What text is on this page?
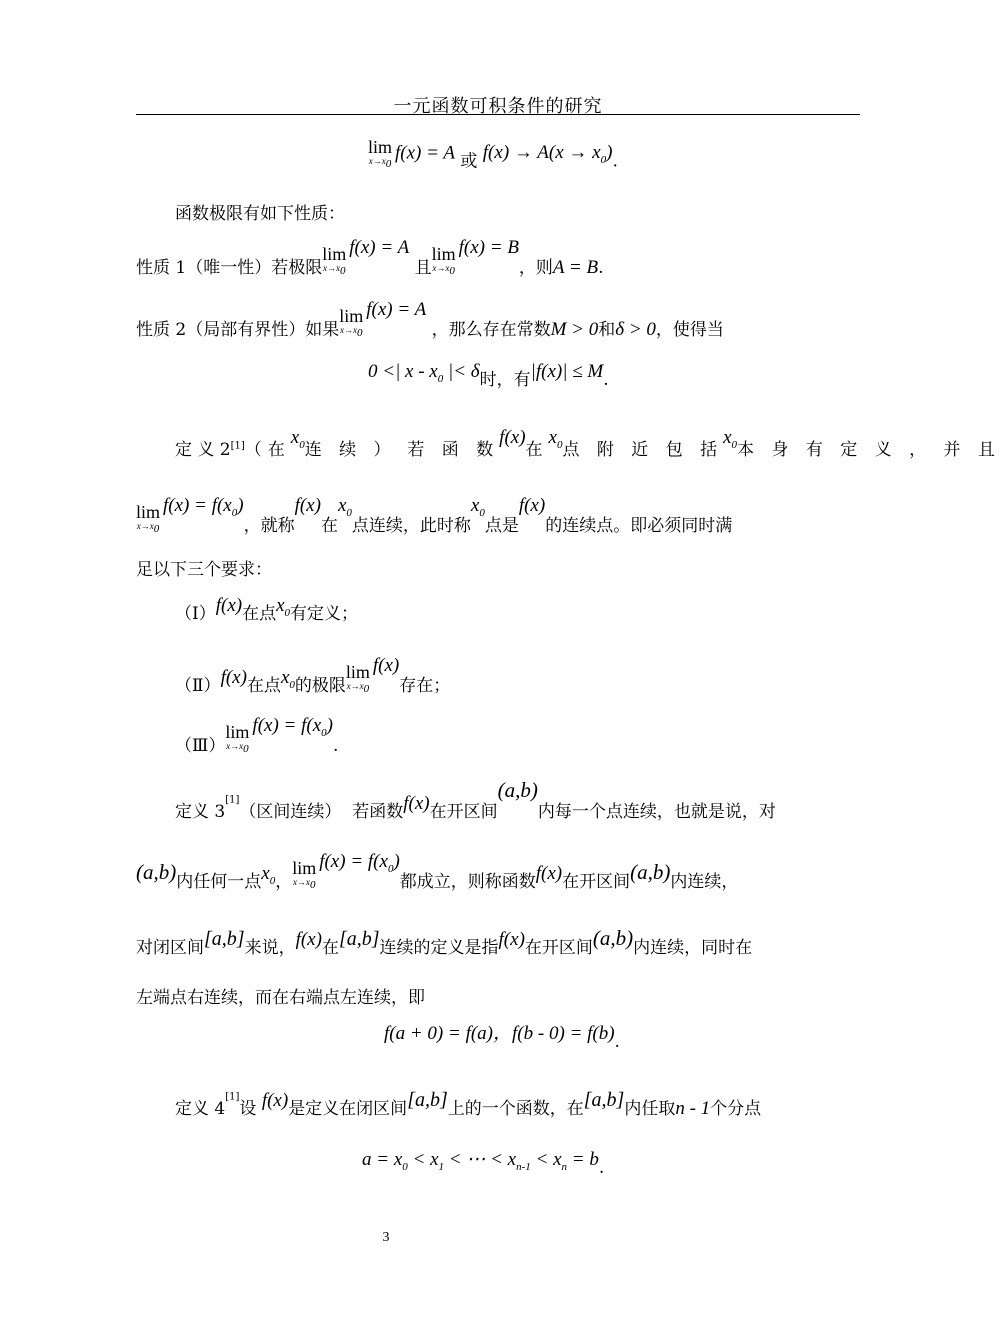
一元函数可积条件的研究
lim
$x\to x_0$
f(x) = A 或 $f(x) \to A(x \to x_0)$.
函数极限有如下性质：
性质 1（唯一性）若极限
lim
$x\to x_0$
f(x) = A 且
lim
$x\to x_0$
f(x) = B，则A = B.
性质 2（局部有界性）如果
lim
$x\to x_0$
f(x) = A ，那么存在常数M > 0和δ > 0，使得当
0 <| x - $x_0$ |< δ时，有|f(x)| ≤ M.
定 义 2[1]（在$x_0$连 续 ） 若 函 数f(x)在$x_0$点 附 近 包 括$x_0$本 身 有 定 义 ， 并 且
lim
$x\to x_0$
$f(x) = f(x_0)$，就称f(x)在$x_0$点连续，此时称$x_0$点是f(x)的连续点。即必须同时满
足以下三个要求：
（Ⅰ）f(x)在点$x_0$有定义；
（Ⅱ）f(x)在点$x_0$的极限
lim
$x\to x_0$
f(x)存在；
（Ⅲ）
lim
$x\to x_0$
$f(x) = f(x_0)$.
定义 3[1]（区间连续） 若函数f(x)在开区间(a,b)内每一个点连续，也就是说，对
(a,b)内任何一点$x_0$，
lim
$x\to x_0$
$f(x) = f(x_0)$都成立，则称函数f(x)在开区间(a,b)内连续，
对闭区间[a,b]来说，f(x)在[a,b]连续的定义是指f(x)在开区间(a,b)内连续，同时在
左端点右连续，而在右端点左连续，即
f(a + 0) = f(a)，f(b - 0) = f(b).
定义 4[1]设 f(x)是定义在闭区间[a,b]上的一个函数，在[a,b]内任取n - 1个分点
$a = x_0 < x_1$ < ⋯ < $x_{n-1} < x_n = b$.
3
